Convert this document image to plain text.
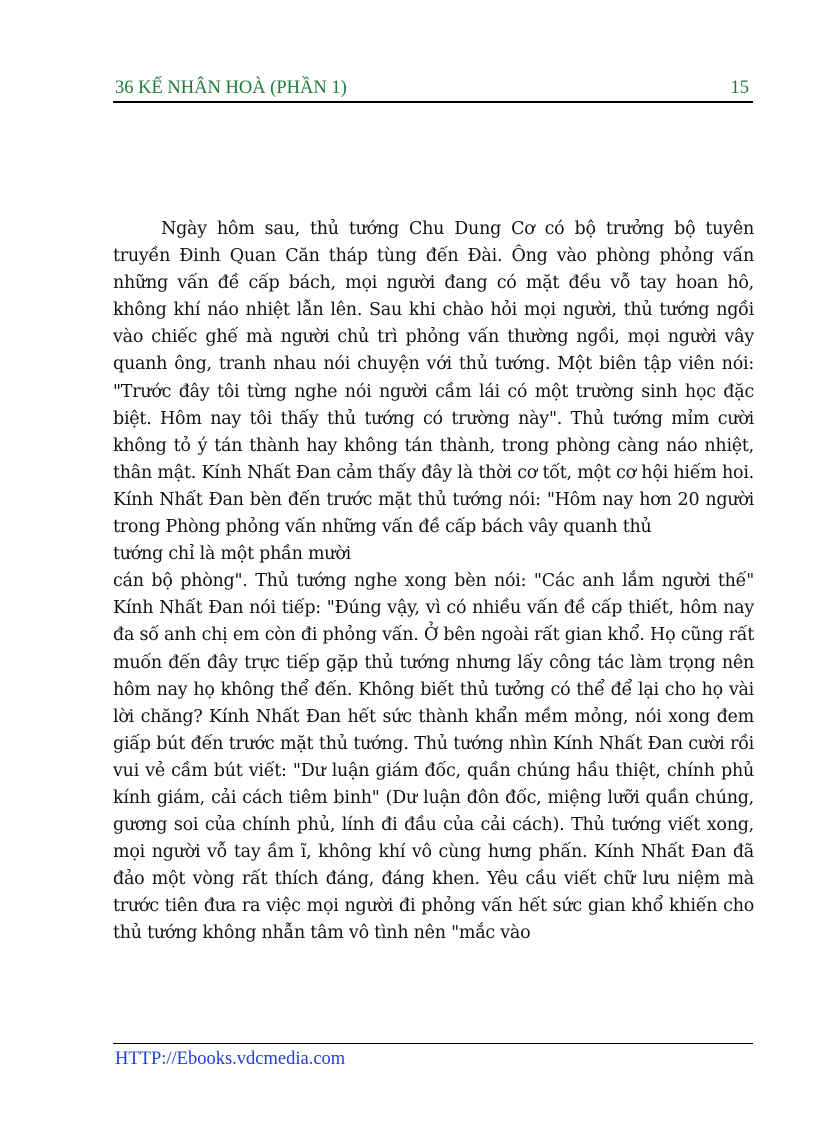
36 KẾ NHÂN HOÀ (PHẦN 1)	15

Ngày hôm sau, thủ tướng Chu Dung Cơ có bộ trưởng bộ tuyên truyền Đinh Quan Căn tháp tùng đến Đài. Ông vào phòng phỏng vấn những vấn đề cấp bách, mọi người đang có mặt đều vỗ tay hoan hô, không khí náo nhiệt lẫn lên. Sau khi chào hỏi mọi người, thủ tướng ngồi vào chiếc ghế mà người chủ trì phỏng vấn thường ngồi, mọi người vây quanh ông, tranh nhau nói chuyện với thủ tướng. Một biên tập viên nói: "Trước đây tôi từng nghe nói người cầm lái có một trường sinh học đặc biệt. Hôm nay tôi thấy thủ tướng có trường này". Thủ tướng mỉm cười không tỏ ý tán thành hay không tán thành, trong phòng càng náo nhiệt, thân mật. Kính Nhất Đan cảm thấy đây là thời cơ tốt, một cơ hội hiếm hoi. Kính Nhất Đan bèn đến trước mặt thủ tướng nói: "Hôm nay hơn 20 người trong Phòng phỏng vấn những vấn đề cấp bách vây quanh thủ

tướng chỉ là một phần mười

cán bộ phòng". Thủ tướng nghe xong bèn nói: "Các anh lắm người thế" Kính Nhất Đan nói tiếp: "Đúng vậy, vì có nhiều vấn đề cấp thiết, hôm nay đa số anh chị em còn đi phỏng vấn. Ở bên ngoài rất gian khổ. Họ cũng rất muốn đến đây trực tiếp gặp thủ tướng nhưng lấy công tác làm trọng nên hôm nay họ không thể đến. Không biết thủ tưởng có thể để lại cho họ vài lời chăng? Kính Nhất Đan hết sức thành khẩn mềm mỏng, nói xong đem giấp bút đến trước mặt thủ tướng. Thủ tướng nhìn Kính Nhất Đan cười rồi vui vẻ cầm bút viết: "Dư luận giám đốc, quần chúng hầu thiệt, chính phủ kính giám, cải cách tiêm binh" (Dư luận đôn đốc, miệng lưỡi quần chúng, gương soi của chính phủ, lính đi đầu của cải cách). Thủ tướng viết xong, mọi người vỗ tay ầm ĩ, không khí vô cùng hưng phấn. Kính Nhất Đan đã đảo một vòng rất thích đáng, đáng khen. Yêu cầu viết chữ lưu niệm mà trước tiên đưa ra việc mọi người đi phỏng vấn hết sức gian khổ khiến cho thủ tướng không nhẫn tâm vô tình nên "mắc vào

HTTP://Ebooks.vdcmedia.com
